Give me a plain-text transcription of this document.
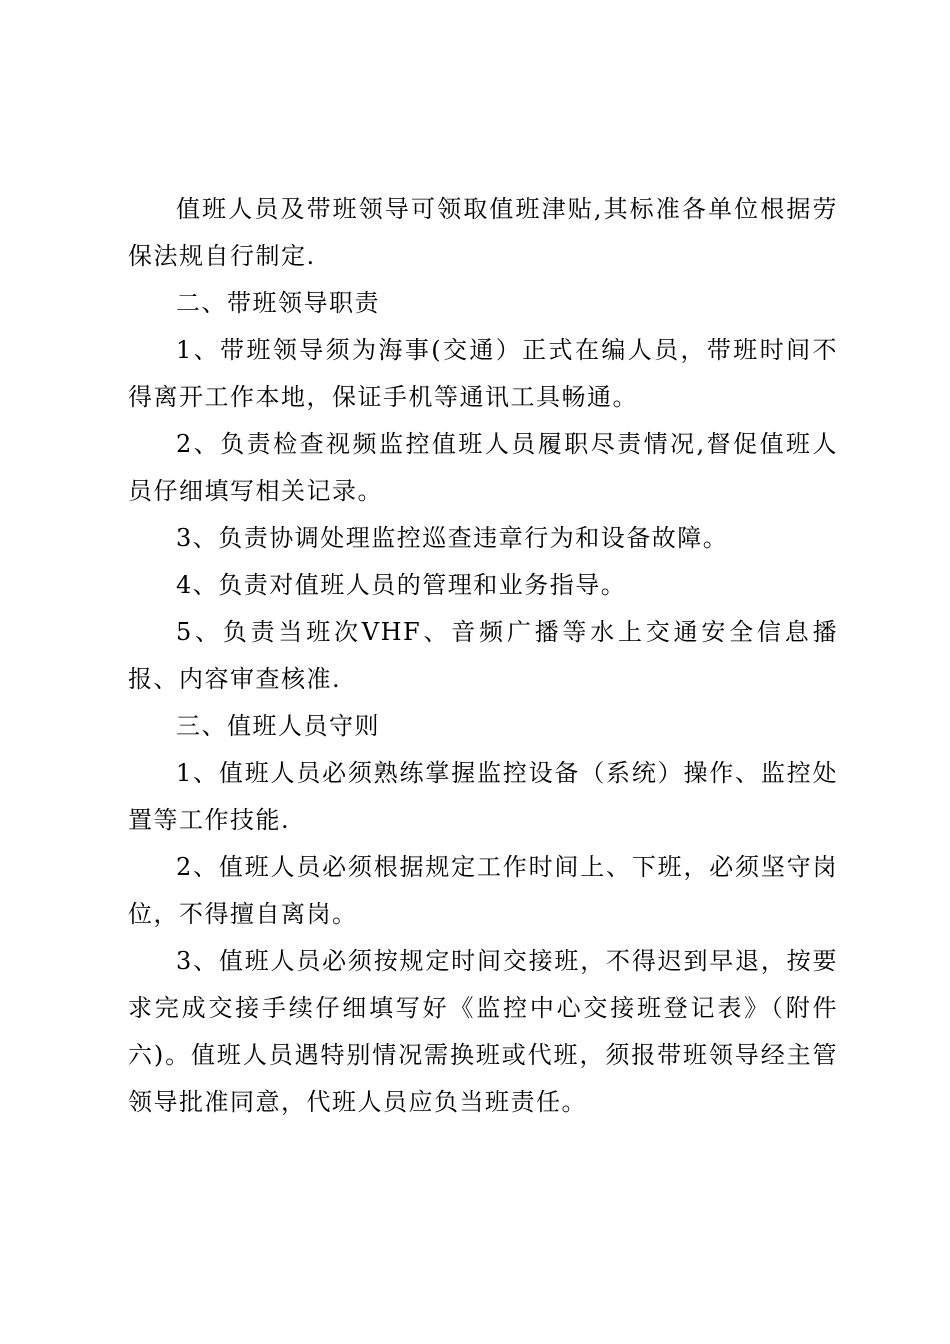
值班人员及带班领导可领取值班津贴,其标准各单位根据劳保法规自行制定.

二、带班领导职责

1、带班领导须为海事(交通）正式在编人员，带班时间不得离开工作本地，保证手机等通讯工具畅通。

2、负责检查视频监控值班人员履职尽责情况,督促值班人员仔细填写相关记录。

3、负责协调处理监控巡查违章行为和设备故障。

4、负责对值班人员的管理和业务指导。

5、负责当班次VHF、音频广播等水上交通安全信息播报、内容审查核准.

三、值班人员守则

1、值班人员必须熟练掌握监控设备（系统）操作、监控处置等工作技能.

2、值班人员必须根据规定工作时间上、下班，必须坚守岗位，不得擅自离岗。

3、值班人员必须按规定时间交接班，不得迟到早退，按要求完成交接手续仔细填写好《监控中心交接班登记表》（附件六)。值班人员遇特别情况需换班或代班，须报带班领导经主管领导批准同意，代班人员应负当班责任。
